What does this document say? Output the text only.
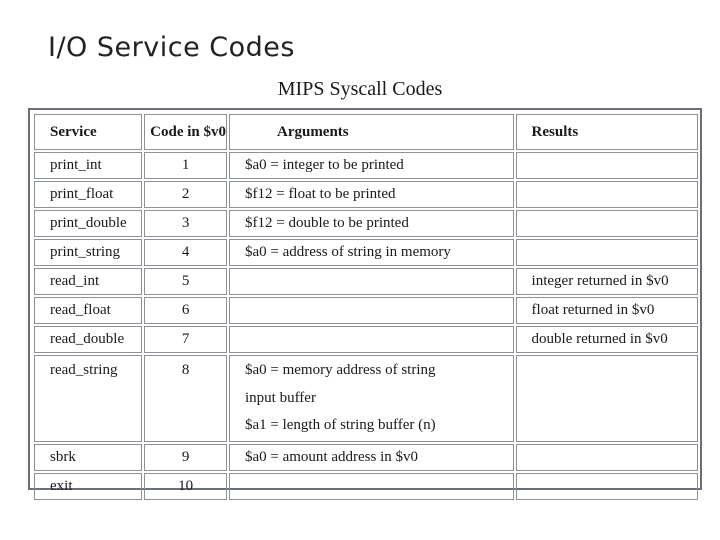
I/O Service Codes
MIPS Syscall Codes
Service	Code in $v0	Arguments	Results
print_int	1	$a0 = integer to be printed	
print_float	2	$f12 = float to be printed	
print_double	3	$f12 = double to be printed	
print_string	4	$a0 = address of string in memory	
read_int	5		integer returned in $v0
read_float	6		float returned in $v0
read_double	7		double returned in $v0

read_string	8	$a0 = memory address of string
input buffer
$a1 = length of string buffer (n)	

sbrk	9	$a0 = amount address in $v0	
exit	10		
